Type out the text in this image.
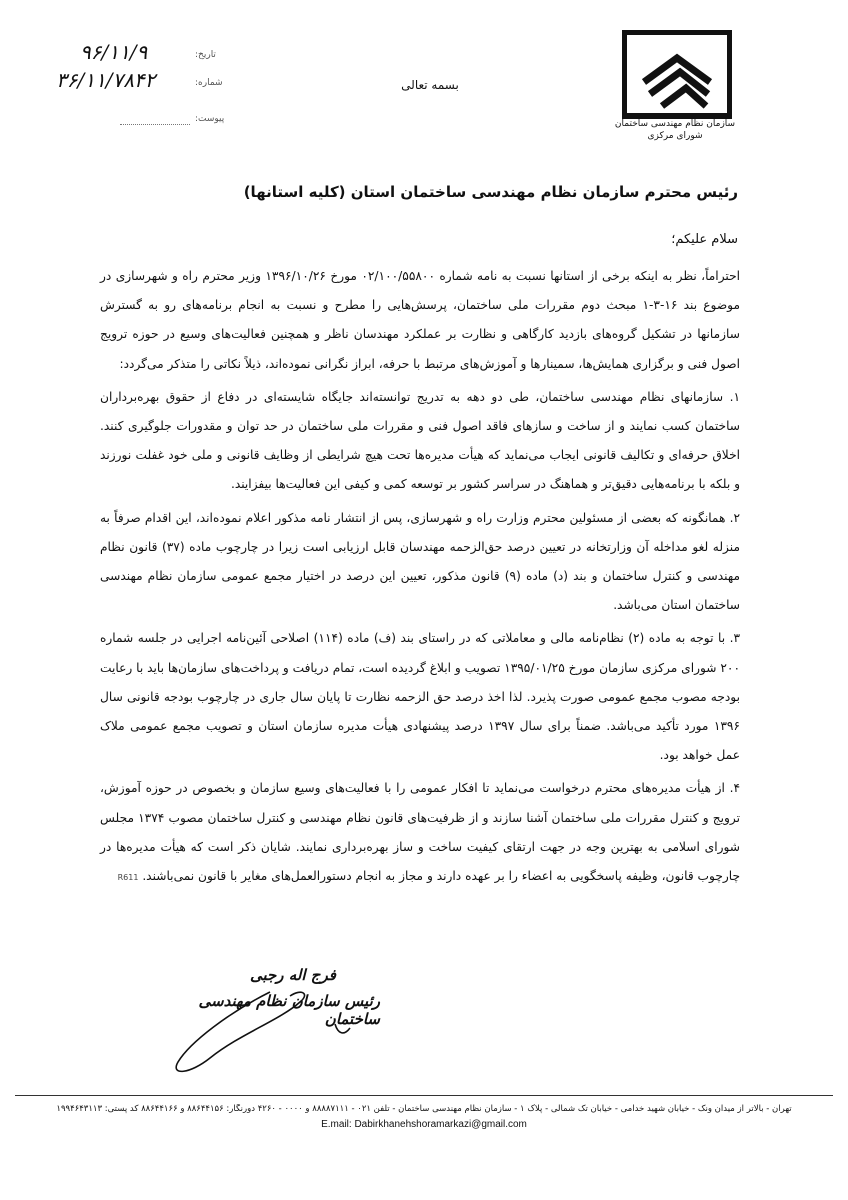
سازمان نظام مهندسی ساختمان
شورای مرکزی
بسمه تعالی
۹۶/۱۱/۹
۳۶/۱۱/۷۸۴۲
تاریخ:
شماره:
پیوست:
رئیس محترم سازمان نظام مهندسی ساختمان استان (کلیه استانها)
سلام علیکم؛

احتراماً، نظر به اینکه برخی از استانها نسبت به نامه شماره ۰۲/۱۰۰/۵۵۸۰۰ مورخ ۱۳۹۶/۱۰/۲۶ وزیر محترم راه و شهرسازی در موضوع بند ۱۶-۳-۱ مبحث دوم مقررات ملی ساختمان، پرسش‌هایی را مطرح و نسبت به انجام برنامه‌های رو به گسترش سازمانها در تشکیل گروه‌های بازدید کارگاهی و نظارت بر عملکرد مهندسان ناظر و همچنین فعالیت‌های وسیع در حوزه ترویج اصول فنی و برگزاری همایش‌ها، سمینارها و آموزش‌های مرتبط با حرفه، ابراز نگرانی نموده‌اند، ذیلاً نکاتی را متذکر می‌گردد:

۱. سازمانهای نظام مهندسی ساختمان، طی دو دهه به تدریج توانسته‌اند جایگاه شایسته‌ای در دفاع از حقوق بهره‌برداران ساختمان کسب نمایند و از ساخت و سازهای فاقد اصول فنی و مقررات ملی ساختمان در حد توان و مقدورات جلوگیری کنند. اخلاق حرفه‌ای و تکالیف قانونی ایجاب می‌نماید که هیأت مدیره‌ها تحت هیچ شرایطی از وظایف قانونی و ملی خود غفلت نورزند و بلکه با برنامه‌هایی دقیق‌تر و هماهنگ در سراسر کشور بر توسعه کمی و کیفی این فعالیت‌ها بیفزایند.

۲. همانگونه که بعضی از مسئولین محترم وزارت راه و شهرسازی، پس از انتشار نامه مذکور اعلام نموده‌اند، این اقدام صرفاً به منزله لغو مداخله آن وزارتخانه در تعیین درصد حق‌الزحمه مهندسان قابل ارزیابی است زیرا در چارچوب ماده (۳۷) قانون نظام مهندسی و کنترل ساختمان و بند (د) ماده (۹) قانون مذکور، تعیین این درصد در اختیار مجمع عمومی سازمان نظام مهندسی ساختمان استان می‌باشد.

۳. با توجه به ماده (۲) نظام‌نامه مالی و معاملاتی که در راستای بند (ف) ماده (۱۱۴) اصلاحی آئین‌نامه اجرایی در جلسه شماره ۲۰۰ شورای مرکزی سازمان مورخ ۱۳۹۵/۰۱/۲۵ تصویب و ابلاغ گردیده است، تمام دریافت و پرداخت‌های سازمان‌ها باید با رعایت بودجه مصوب مجمع عمومی صورت پذیرد. لذا اخذ درصد حق الزحمه نظارت تا پایان سال جاری در چارچوب بودجه قانونی سال ۱۳۹۶ مورد تأکید می‌باشد. ضمناً برای سال ۱۳۹۷ درصد پیشنهادی هیأت مدیره سازمان استان و تصویب مجمع عمومی ملاک عمل خواهد بود.

۴. از هیأت مدیره‌های محترم درخواست می‌نماید تا افکار عمومی را با فعالیت‌های وسیع سازمان و بخصوص در حوزه آموزش، ترویج و کنترل مقررات ملی ساختمان آشنا سازند و از ظرفیت‌های قانون نظام مهندسی و کنترل ساختمان مصوب ۱۳۷۴ مجلس شورای اسلامی به بهترین وجه در جهت ارتقای کیفیت ساخت و ساز بهره‌برداری نمایند. شایان ذکر است که هیأت مدیره‌ها در چارچوب قانون، وظیفه پاسخگویی به اعضاء را بر عهده دارند و مجاز به انجام دستورالعمل‌های مغایر با قانون نمی‌باشند. R611

فرج اله رجبی
رئیس سازمان نظام مهندسی ساختمان
تهران - بالاتر از میدان ونک - خیابان شهید خدامی - خیابان تک شمالی - پلاک ۱ - سازمان نظام مهندسی ساختمان - تلفن ۰۲۱ - ۸۸۸۸۷۱۱۱ و ۰۰۰۰ - ۴۲۶۰ دورنگار: ۸۸۶۴۴۱۵۶ و ۸۸۶۴۴۱۶۶ کد پستی: ۱۹۹۴۶۴۳۱۱۳
E.mail: Dabirkhanehshoramarkazi@gmail.com
